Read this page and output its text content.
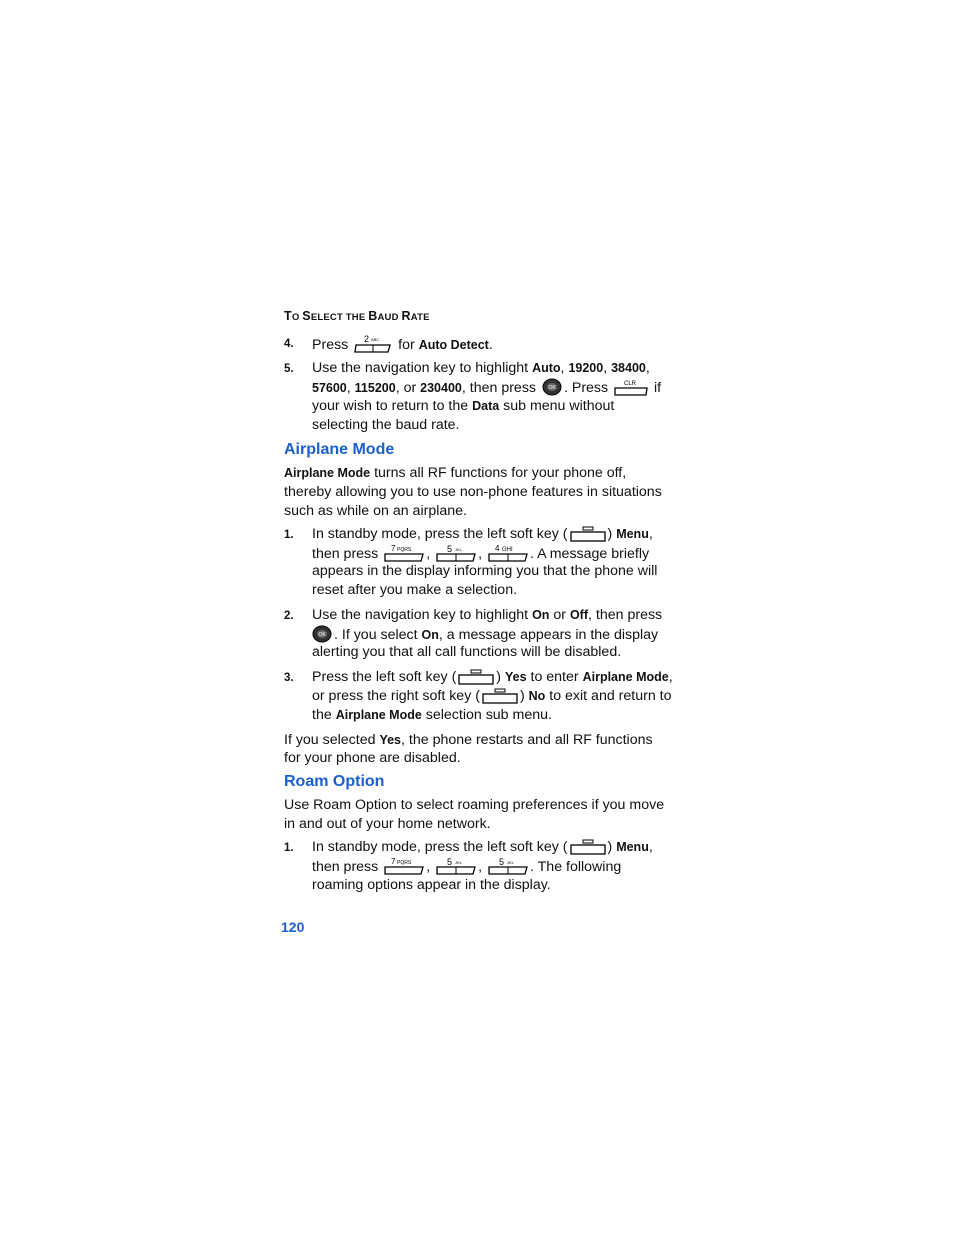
TO SELECT THE BAUD RATE
4. Press 2 ABC for Auto Detect.
5. Use the navigation key to highlight Auto, 19200, 38400,
57600, 115200, or 230400, then press OK . Press	CLR if
your wish to return to the Data sub menu without
selecting the baud rate.
Airplane Mode
Airplane Mode turns all RF functions for your phone off,
thereby allowing you to use non-phone features in situations
such as while on an airplane.
1. In standby mode, press the left soft key (	) Menu,
then press 7 PQRS , 5 JKL , 4 GHI . A message briefly
appears in the display informing you that the phone will
reset after you make a selection.
2. Use the navigation key to highlight On or Off, then press
OK . If you select On, a message appears in the display
alerting you that all call functions will be disabled.
3. Press the left soft key (	) Yes to enter Airplane Mode,
or press the right soft key (	) No to exit and return to
the Airplane Mode selection sub menu.
If you selected Yes, the phone restarts and all RF functions
for your phone are disabled.
Roam Option
Use Roam Option to select roaming preferences if you move
in and out of your home network.
1. In standby mode, press the left soft key (	) Menu,
then press 7 PQRS , 5 JKL , 5 JKL . The following
roaming options appear in the display.
120
